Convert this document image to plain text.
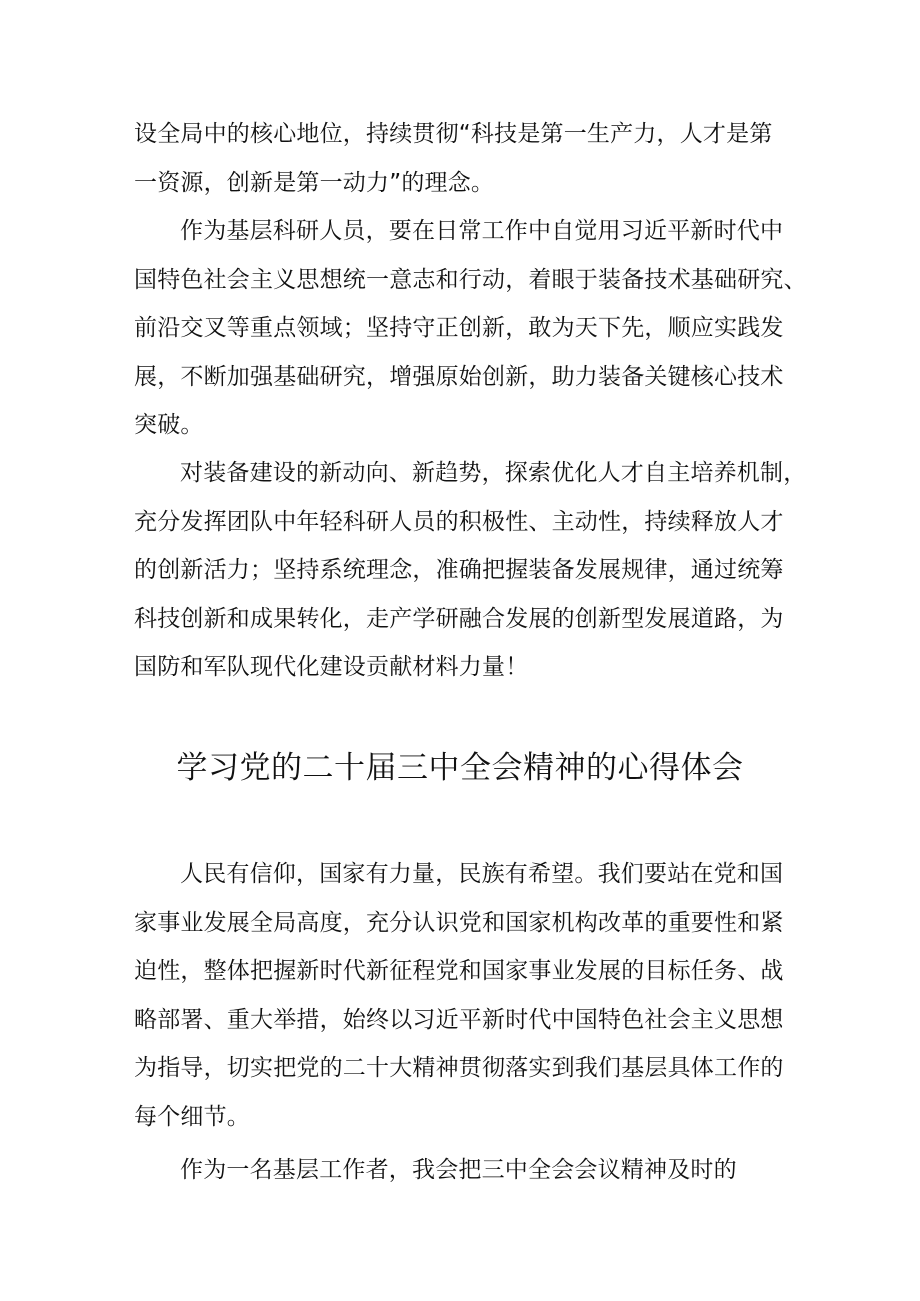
设全局中的核心地位，持续贯彻“科技是第一生产力，人才是第
一资源，创新是第一动力”的理念。

作为基层科研人员，要在日常工作中自觉用习近平新时代中
国特色社会主义思想统一意志和行动，着眼于装备技术基础研究、
前沿交叉等重点领域；坚持守正创新，敢为天下先，顺应实践发
展，不断加强基础研究，增强原始创新，助力装备关键核心技术
突破。

对装备建设的新动向、新趋势，探索优化人才自主培养机制，
充分发挥团队中年轻科研人员的积极性、主动性，持续释放人才
的创新活力；坚持系统理念，准确把握装备发展规律，通过统筹
科技创新和成果转化，走产学研融合发展的创新型发展道路，为
国防和军队现代化建设贡献材料力量！

学习党的二十届三中全会精神的心得体会

人民有信仰，国家有力量，民族有希望。我们要站在党和国
家事业发展全局高度，充分认识党和国家机构改革的重要性和紧
迫性，整体把握新时代新征程党和国家事业发展的目标任务、战
略部署、重大举措，始终以习近平新时代中国特色社会主义思想
为指导，切实把党的二十大精神贯彻落实到我们基层具体工作的
每个细节。

作为一名基层工作者，我会把三中全会会议精神及时的
